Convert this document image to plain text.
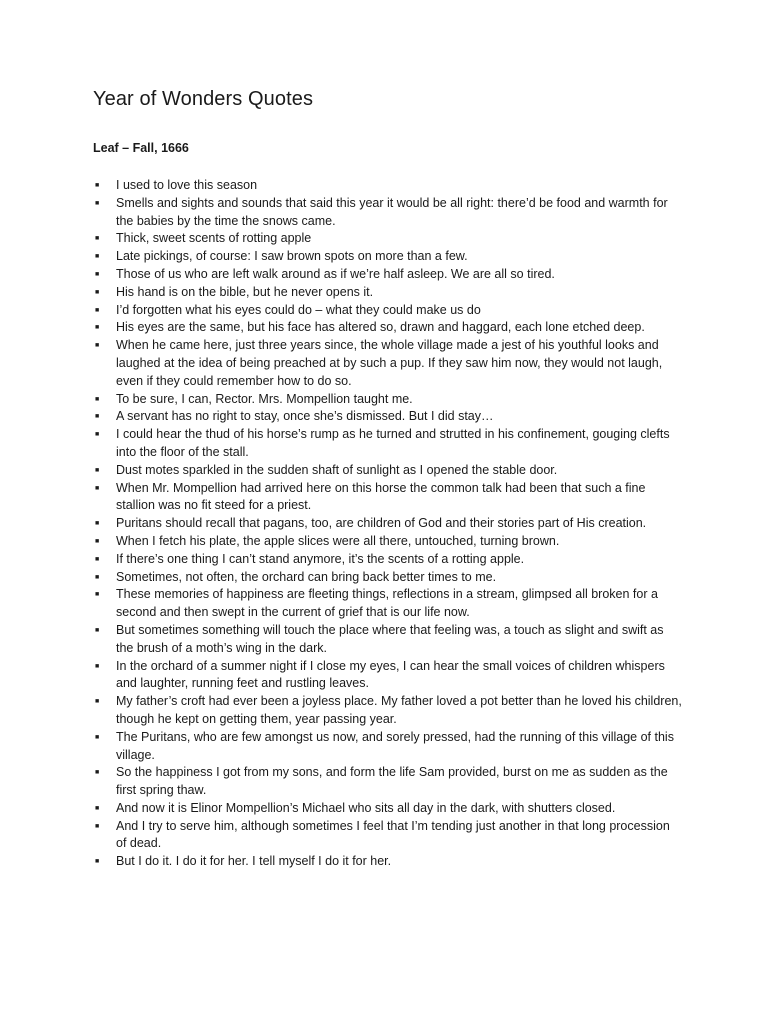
Year of Wonders Quotes
Leaf – Fall, 1666
■ I used to love this season
■ Smells and sights and sounds that said this year it would be all right: there’d be food and warmth for the babies by the time the snows came.
■ Thick, sweet scents of rotting apple
■ Late pickings, of course: I saw brown spots on more than a few.
■ Those of us who are left walk around as if we’re half asleep. We are all so tired.
■ His hand is on the bible, but he never opens it.
■ I’d forgotten what his eyes could do – what they could make us do
■ His eyes are the same, but his face has altered so, drawn and haggard, each lone etched deep.
■ When he came here, just three years since, the whole village made a jest of his youthful looks and laughed at the idea of being preached at by such a pup. If they saw him now, they would not laugh, even if they could remember how to do so.
■ To be sure, I can, Rector. Mrs. Mompellion taught me.
■ A servant has no right to stay, once she’s dismissed. But I did stay…
■ I could hear the thud of his horse’s rump as he turned and strutted in his confinement, gouging clefts into the floor of the stall.
■ Dust motes sparkled in the sudden shaft of sunlight as I opened the stable door.
■ When Mr. Mompellion had arrived here on this horse the common talk had been that such a fine stallion was no fit steed for a priest.
■ Puritans should recall that pagans, too, are children of God and their stories part of His creation.
■ When I fetch his plate, the apple slices were all there, untouched, turning brown.
■ If there’s one thing I can’t stand anymore, it’s the scents of a rotting apple.
■ Sometimes, not often, the orchard can bring back better times to me.
■ These memories of happiness are fleeting things, reflections in a stream, glimpsed all broken for a second and then swept in the current of grief that is our life now.
■ But sometimes something will touch the place where that feeling was, a touch as slight and swift as the brush of a moth’s wing in the dark.
■ In the orchard of a summer night if I close my eyes, I can hear the small voices of children whispers and laughter, running feet and rustling leaves.
■ My father’s croft had ever been a joyless place. My father loved a pot better than he loved his children, though he kept on getting them, year passing year.
■ The Puritans, who are few amongst us now, and sorely pressed, had the running of this village of this village.
■ So the happiness I got from my sons, and form the life Sam provided, burst on me as sudden as the first spring thaw.
■ And now it is Elinor Mompellion’s Michael who sits all day in the dark, with shutters closed.
■ And I try to serve him, although sometimes I feel that I’m tending just another in that long procession of dead.
■ But I do it. I do it for her. I tell myself I do it for her.
